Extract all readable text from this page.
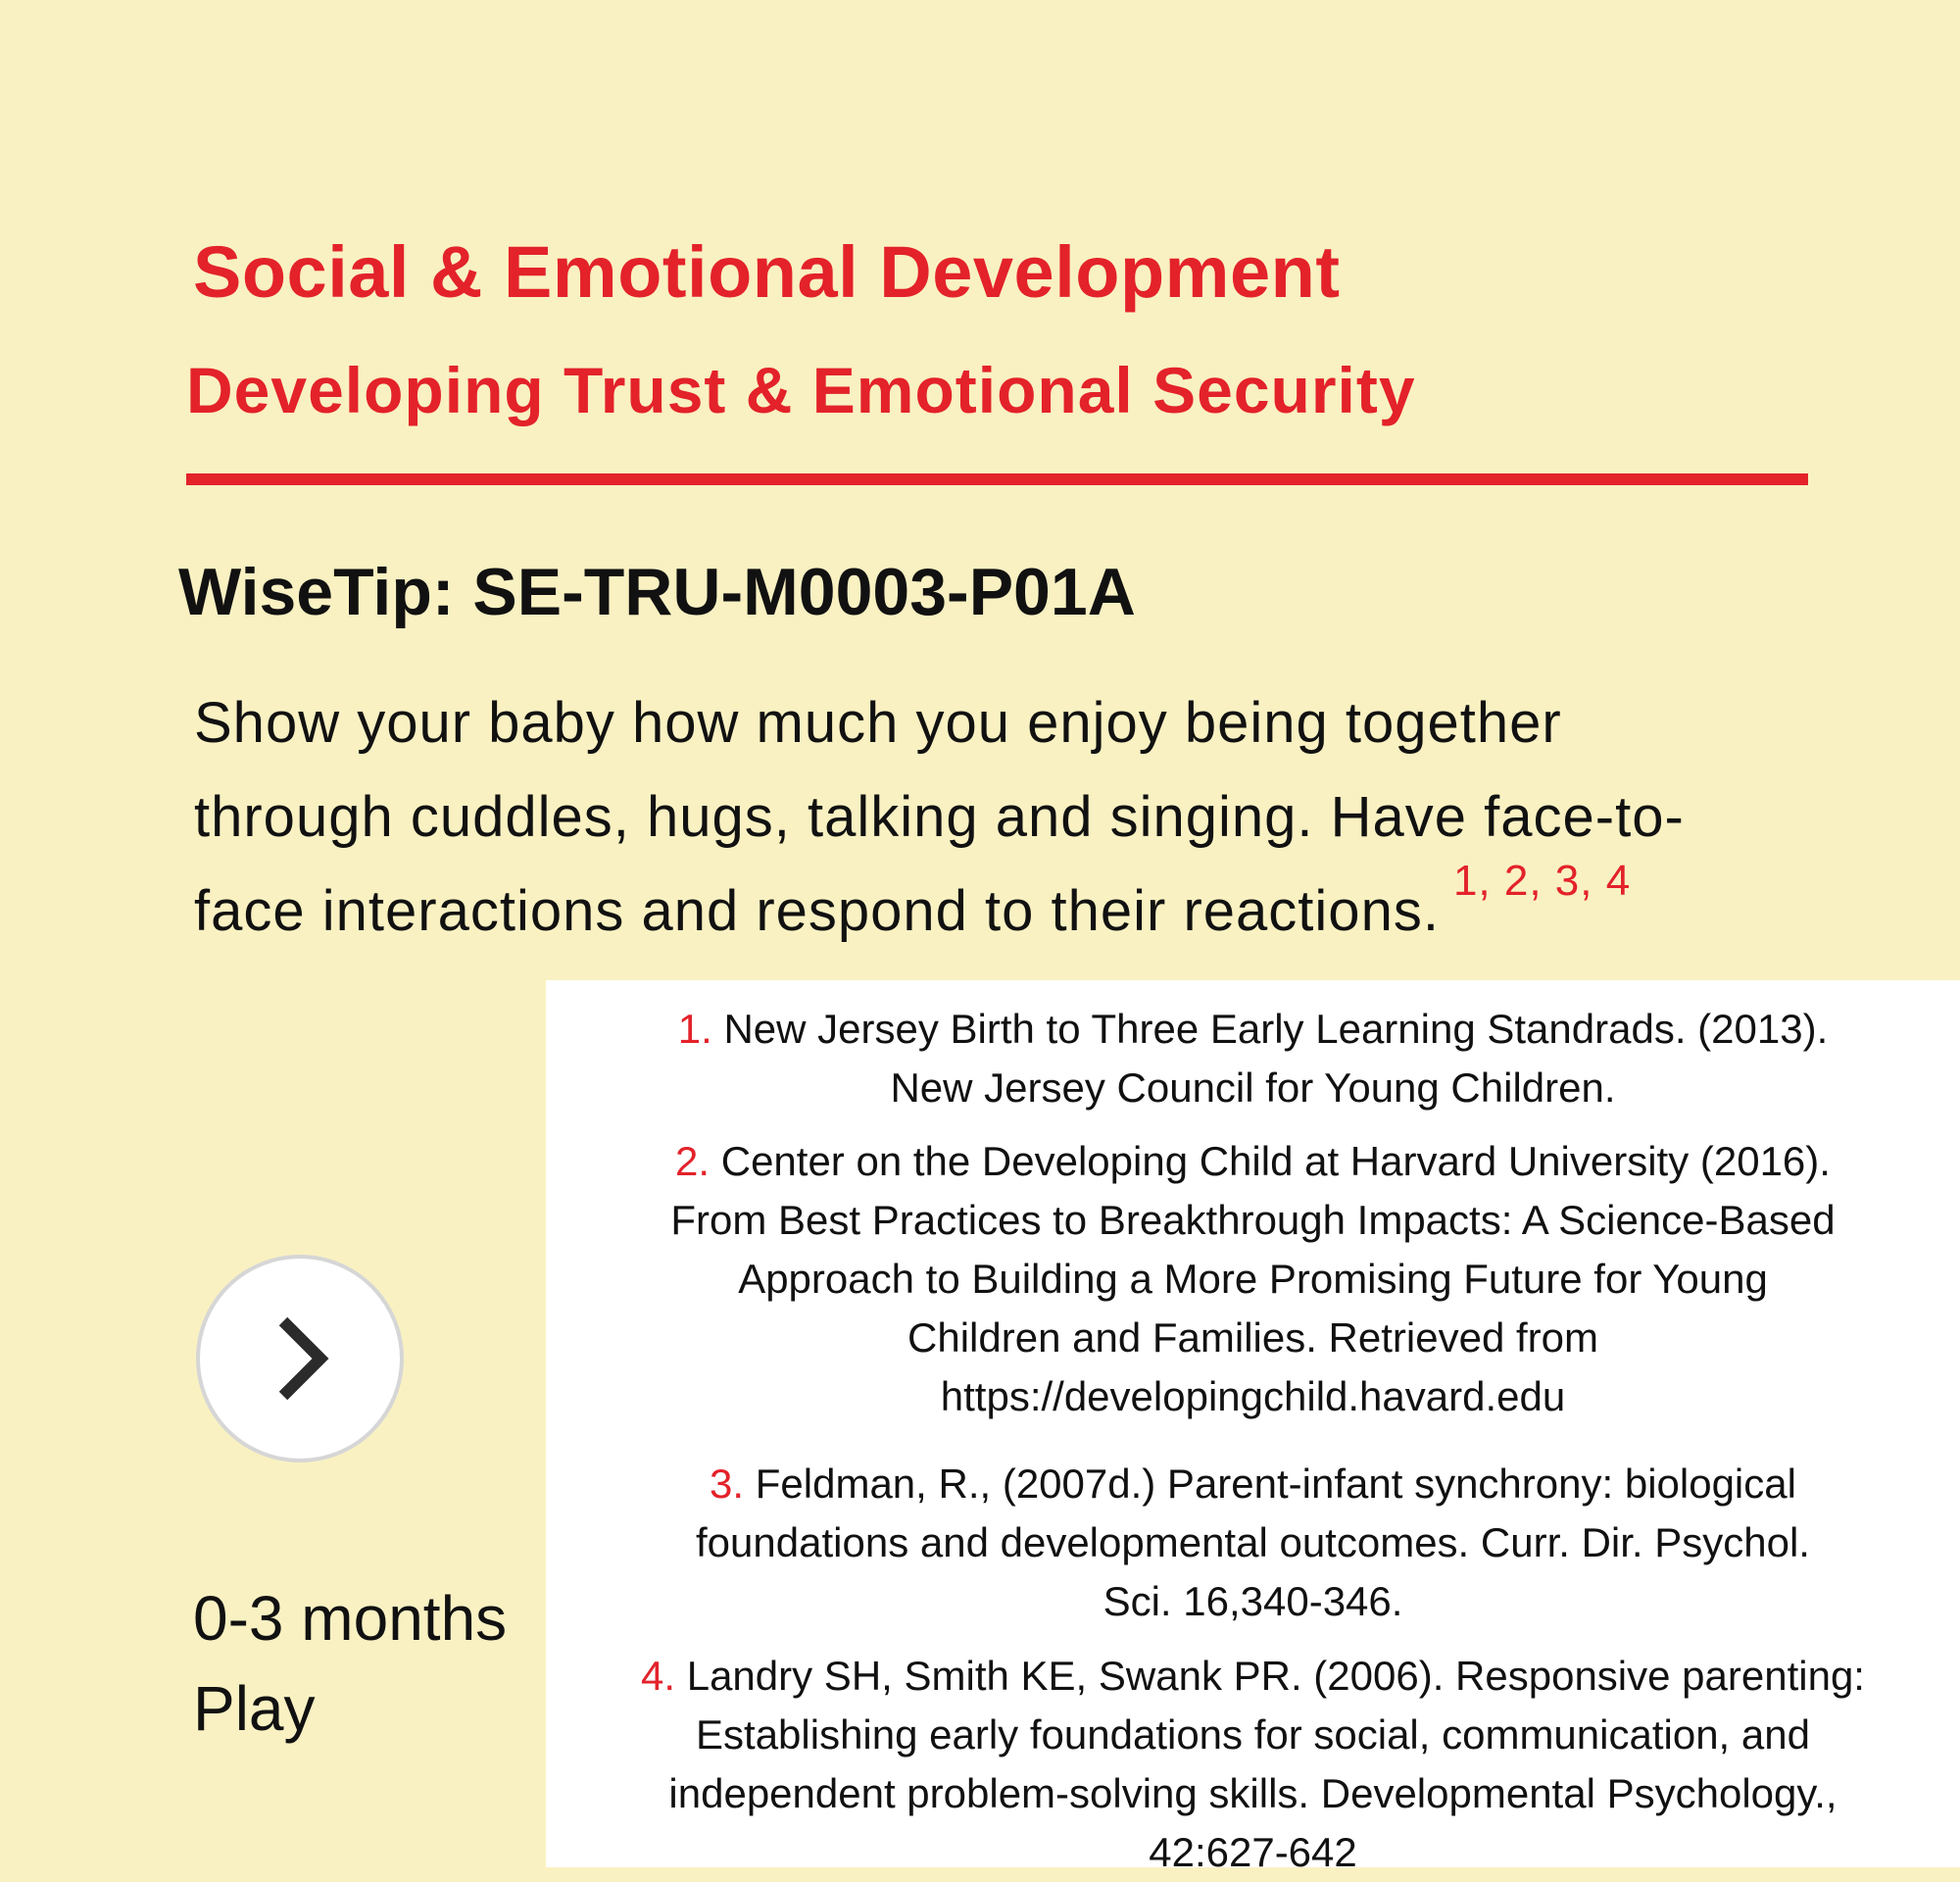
Social & Emotional Development
Developing Trust & Emotional Security
WiseTip: SE-TRU-M0003-P01A

Show your baby how much you enjoy being together
through cuddles, hugs, talking and singing. Have face-to-
face interactions and respond to their reactions. $^{1, 2, 3, 4}$

1. New Jersey Birth to Three Early Learning Standrads. (2013).
New Jersey Council for Young Children.

2. Center on the Developing Child at Harvard University (2016).
From Best Practices to Breakthrough Impacts: A Science-Based
Approach to Building a More Promising Future for Young
Children and Families. Retrieved from
https://developingchild.havard.edu

3. Feldman, R., (2007d.) Parent-infant synchrony: biological
foundations and developmental outcomes. Curr. Dir. Psychol.
Sci. 16,340-346.

4. Landry SH, Smith KE, Swank PR. (2006). Responsive parenting:
Establishing early foundations for social, communication, and
independent problem-solving skills. Developmental Psychology.,
42:627-642

0-3 months

Play
